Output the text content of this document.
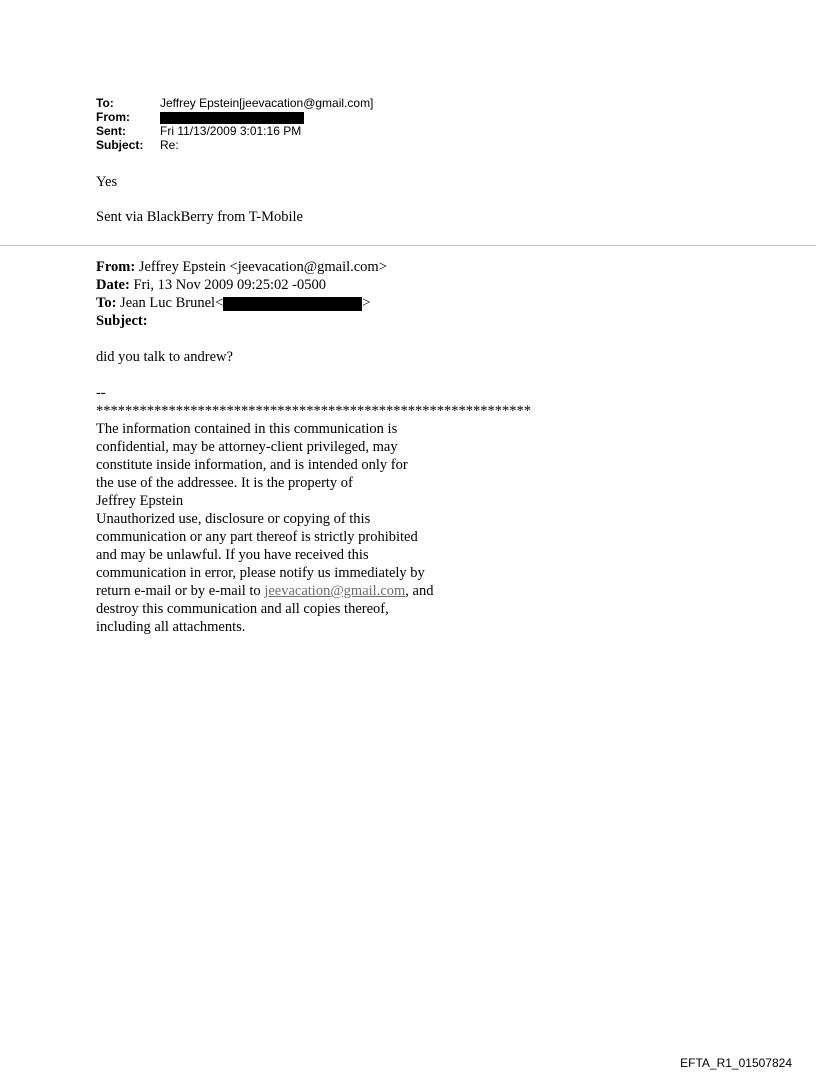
To:	Jeffrey Epstein[jeevacation@gmail.com]
From:
Sent:	Fri 11/13/2009 3:01:16 PM
Subject:	Re:

Yes

Sent via BlackBerry from T-Mobile

From: Jeffrey Epstein <jeevacation@gmail.com>
Date: Fri, 13 Nov 2009 09:25:02 -0500
To: Jean Luc Brunel<	>
Subject:
did you talk to andrew?
--
************************************************************
The information contained in this communication is
confidential, may be attorney-client privileged, may
constitute inside information, and is intended only for
the use of the addressee. It is the property of
Jeffrey Epstein
Unauthorized use, disclosure or copying of this
communication or any part thereof is strictly prohibited
and may be unlawful. If you have received this
communication in error, please notify us immediately by
return e-mail or by e-mail to jeevacation@gmail.com, and
destroy this communication and all copies thereof,
including all attachments.
EFTA_R1_01507824
